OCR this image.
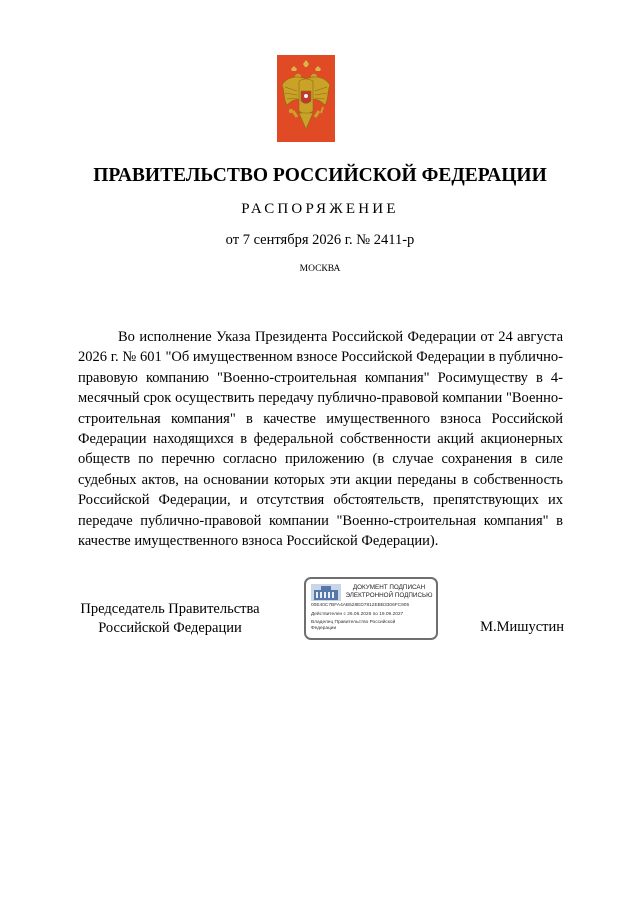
ПРАВИТЕЛЬСТВО РОССИЙСКОЙ ФЕДЕРАЦИИ
РАСПОРЯЖЕНИЕ
от 7 сентября 2026 г. № 2411-р
МОСКВА
Во исполнение Указа Президента Российской Федерации от 24 августа 2026 г. № 601 "Об имущественном взносе Российской Федерации в публично-правовую компанию "Военно-строительная компания" Росимуществу в 4-месячный срок осуществить передачу публично-правовой компании "Военно-строительная компания" в качестве имущественного взноса Российской Федерации находящихся в федеральной собственности акций акционерных обществ по перечню согласно приложению (в случае сохранения в силе судебных актов, на основании которых эти акции переданы в собственность Российской Федерации, и отсутствия обстоятельств, препятствующих их передаче публично-правовой компании "Военно-строительная компания" в качестве имущественного взноса Российской Федерации).
Председатель Правительства
Российской Федерации
ДОКУМЕНТ ПОДПИСАН
ЭЛЕКТРОННОЙ ПОДПИСЬЮ
00E40C7BFA4AB528ED7812EBB3306FC905
Действителен с 26.06.2026 по 19.09.2027
Владелец Правительство Российской
Федерации	М.Мишустин
